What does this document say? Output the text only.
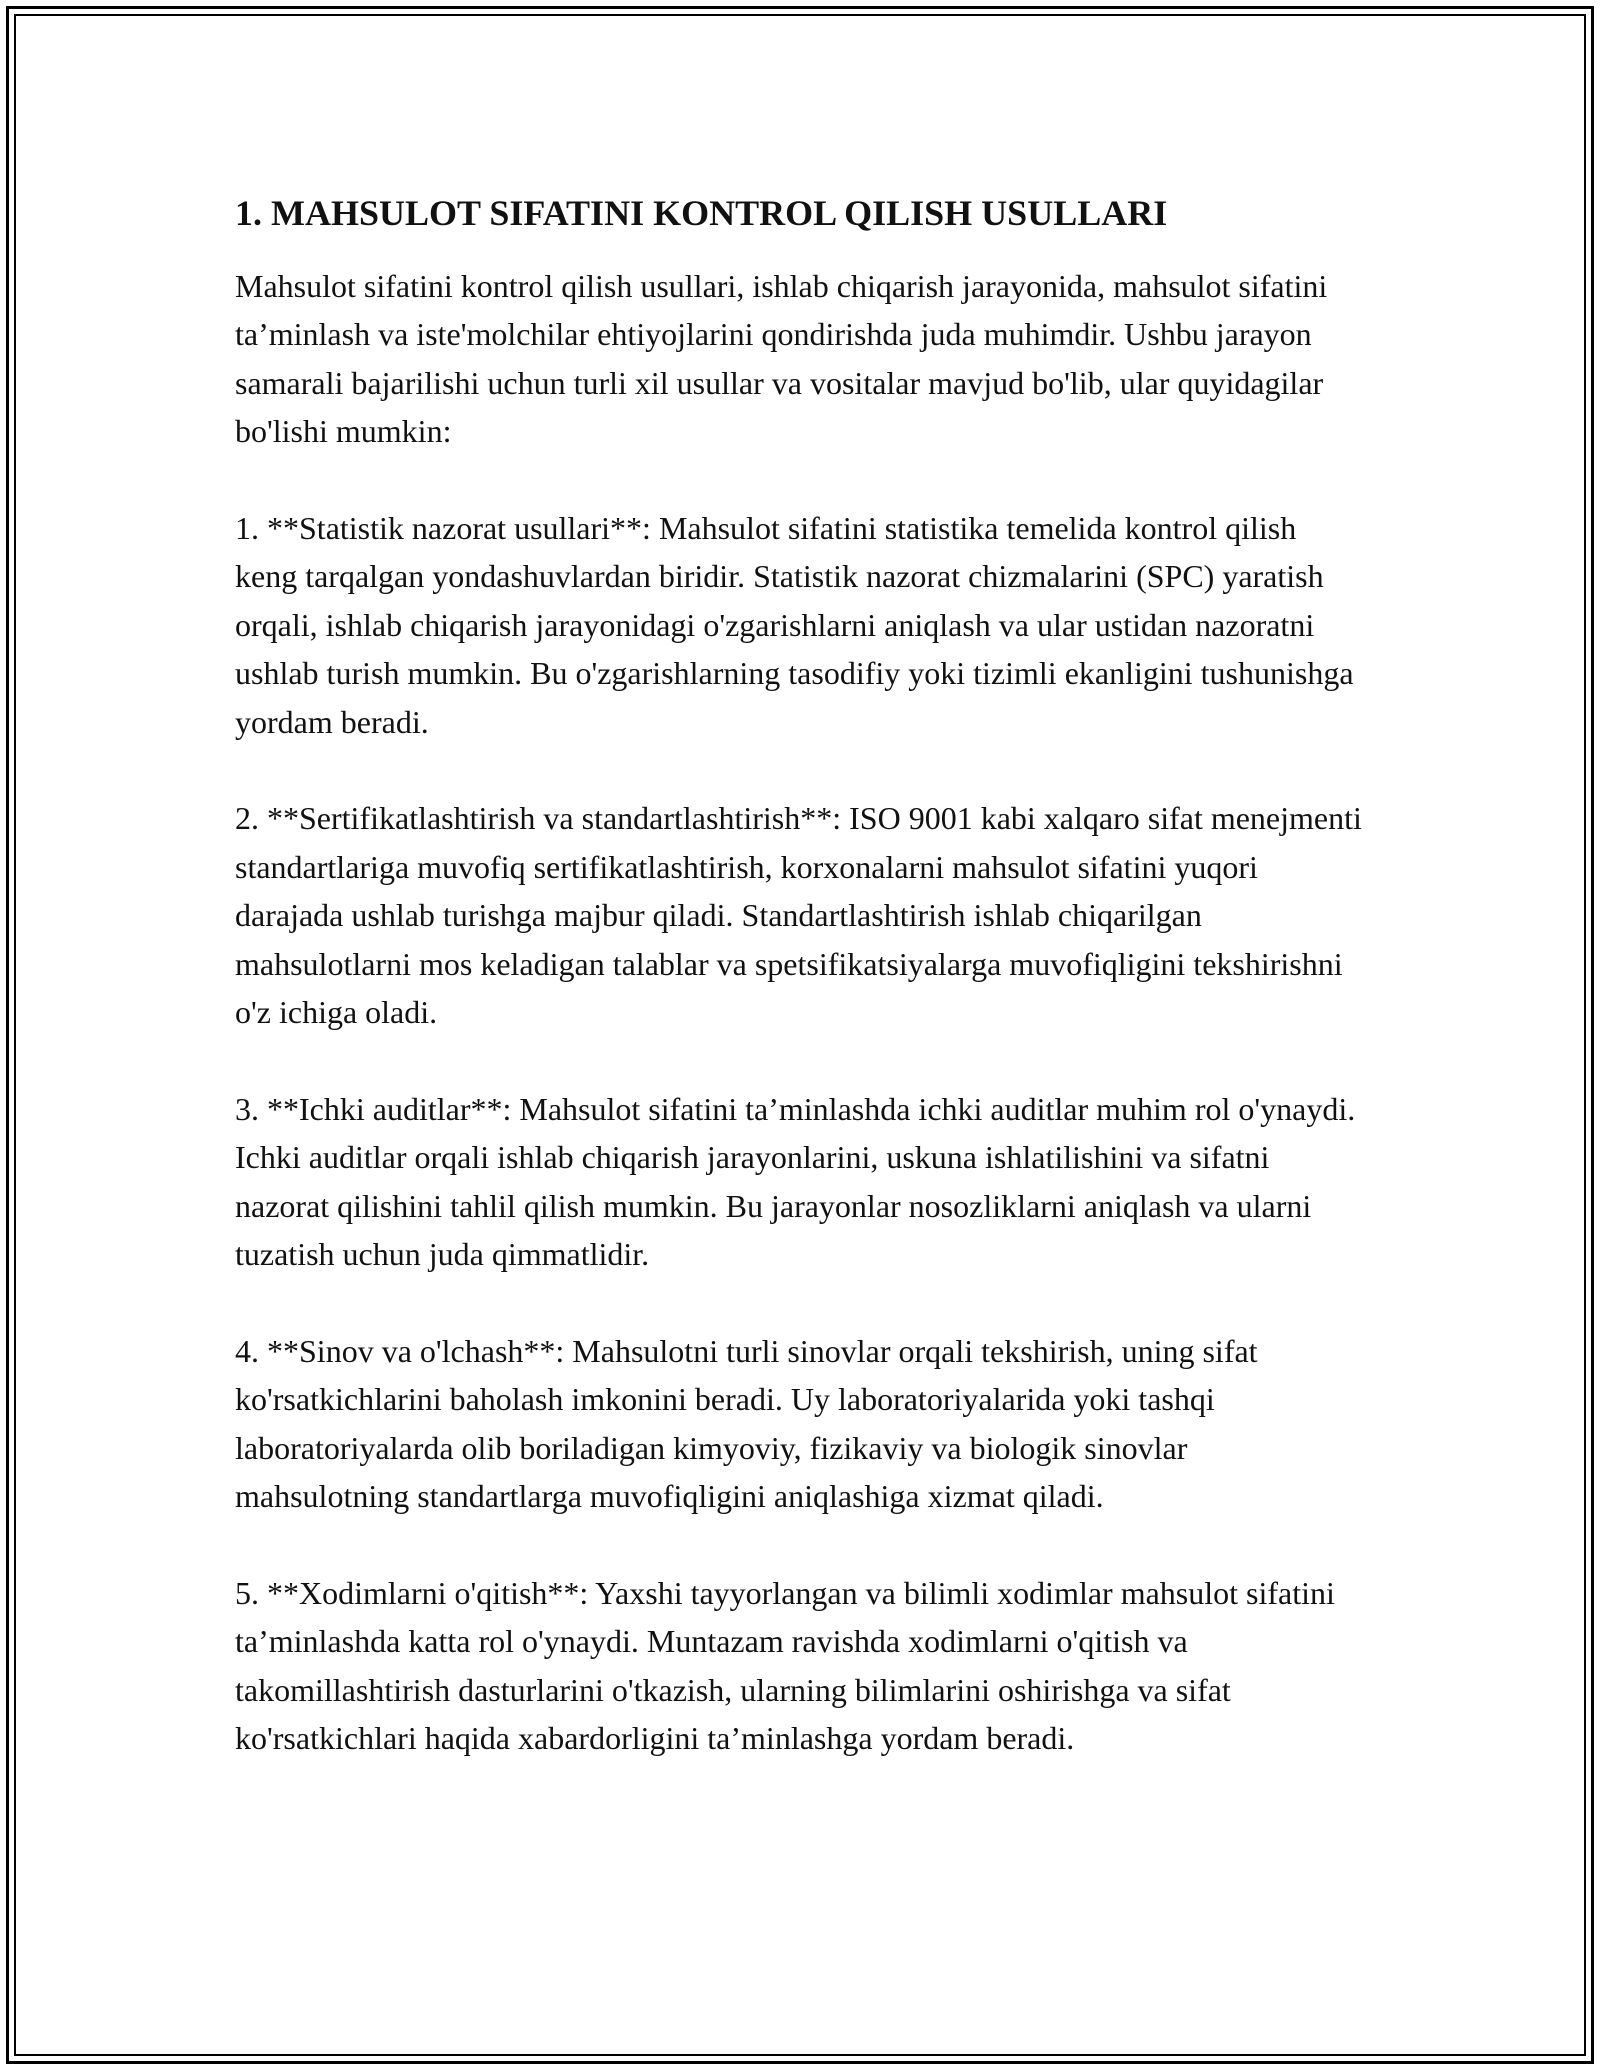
1. MAHSULOT SIFATINI KONTROL QILISH USULLARI

Mahsulot sifatini kontrol qilish usullari, ishlab chiqarish jarayonida, mahsulot sifatini ta’minlash va iste'molchilar ehtiyojlarini qondirishda juda muhimdir. Ushbu jarayon samarali bajarilishi uchun turli xil usullar va vositalar mavjud bo'lib, ular quyidagilar bo'lishi mumkin:

1. **Statistik nazorat usullari**: Mahsulot sifatini statistika temelida kontrol qilish keng tarqalgan yondashuvlardan biridir. Statistik nazorat chizmalarini (SPC) yaratish orqali, ishlab chiqarish jarayonidagi o'zgarishlarni aniqlash va ular ustidan nazoratni ushlab turish mumkin. Bu o'zgarishlarning tasodifiy yoki tizimli ekanligini tushunishga yordam beradi.

2. **Sertifikatlashtirish va standartlashtirish**: ISO 9001 kabi xalqaro sifat menejmenti standartlariga muvofiq sertifikatlashtirish, korxonalarni mahsulot sifatini yuqori darajada ushlab turishga majbur qiladi. Standartlashtirish ishlab chiqarilgan mahsulotlarni mos keladigan talablar va spetsifikatsiyalarga muvofiqligini tekshirishni o'z ichiga oladi.

3. **Ichki auditlar**: Mahsulot sifatini ta’minlashda ichki auditlar muhim rol o'ynaydi. Ichki auditlar orqali ishlab chiqarish jarayonlarini, uskuna ishlatilishini va sifatni nazorat qilishini tahlil qilish mumkin. Bu jarayonlar nosozliklarni aniqlash va ularni tuzatish uchun juda qimmatlidir.

4. **Sinov va o'lchash**: Mahsulotni turli sinovlar orqali tekshirish, uning sifat ko'rsatkichlarini baholash imkonini beradi. Uy laboratoriyalarida yoki tashqi laboratoriyalarda olib boriladigan kimyoviy, fizikaviy va biologik sinovlar mahsulotning standartlarga muvofiqligini aniqlashiga xizmat qiladi.

5. **Xodimlarni o'qitish**: Yaxshi tayyorlangan va bilimli xodimlar mahsulot sifatini ta’minlashda katta rol o'ynaydi. Muntazam ravishda xodimlarni o'qitish va takomillashtirish dasturlarini o'tkazish, ularning bilimlarini oshirishga va sifat ko'rsatkichlari haqida xabardorligini ta’minlashga yordam beradi.
